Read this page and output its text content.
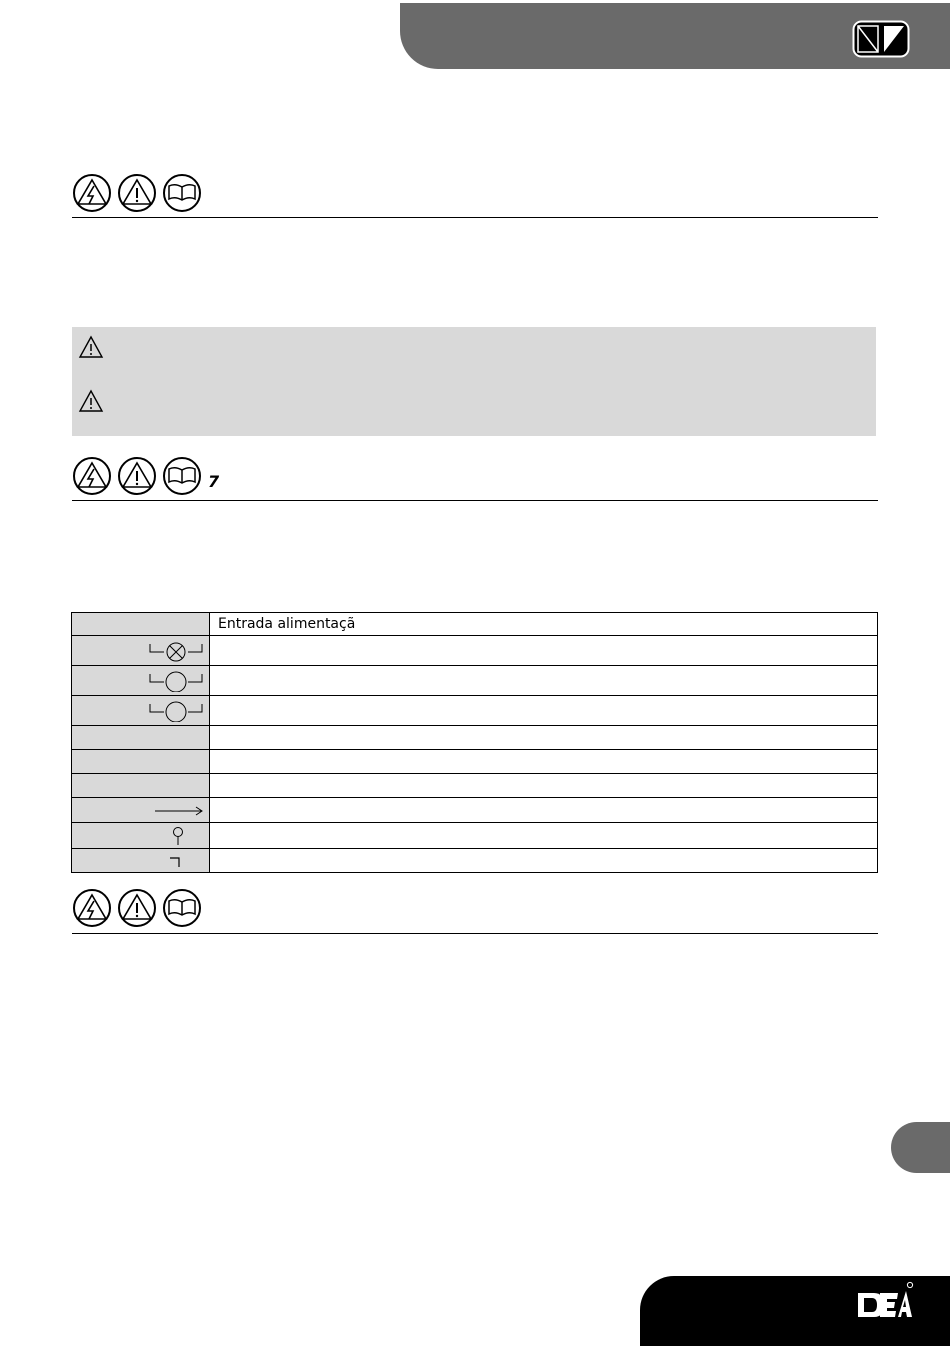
7
	Entrada alimentaçã
